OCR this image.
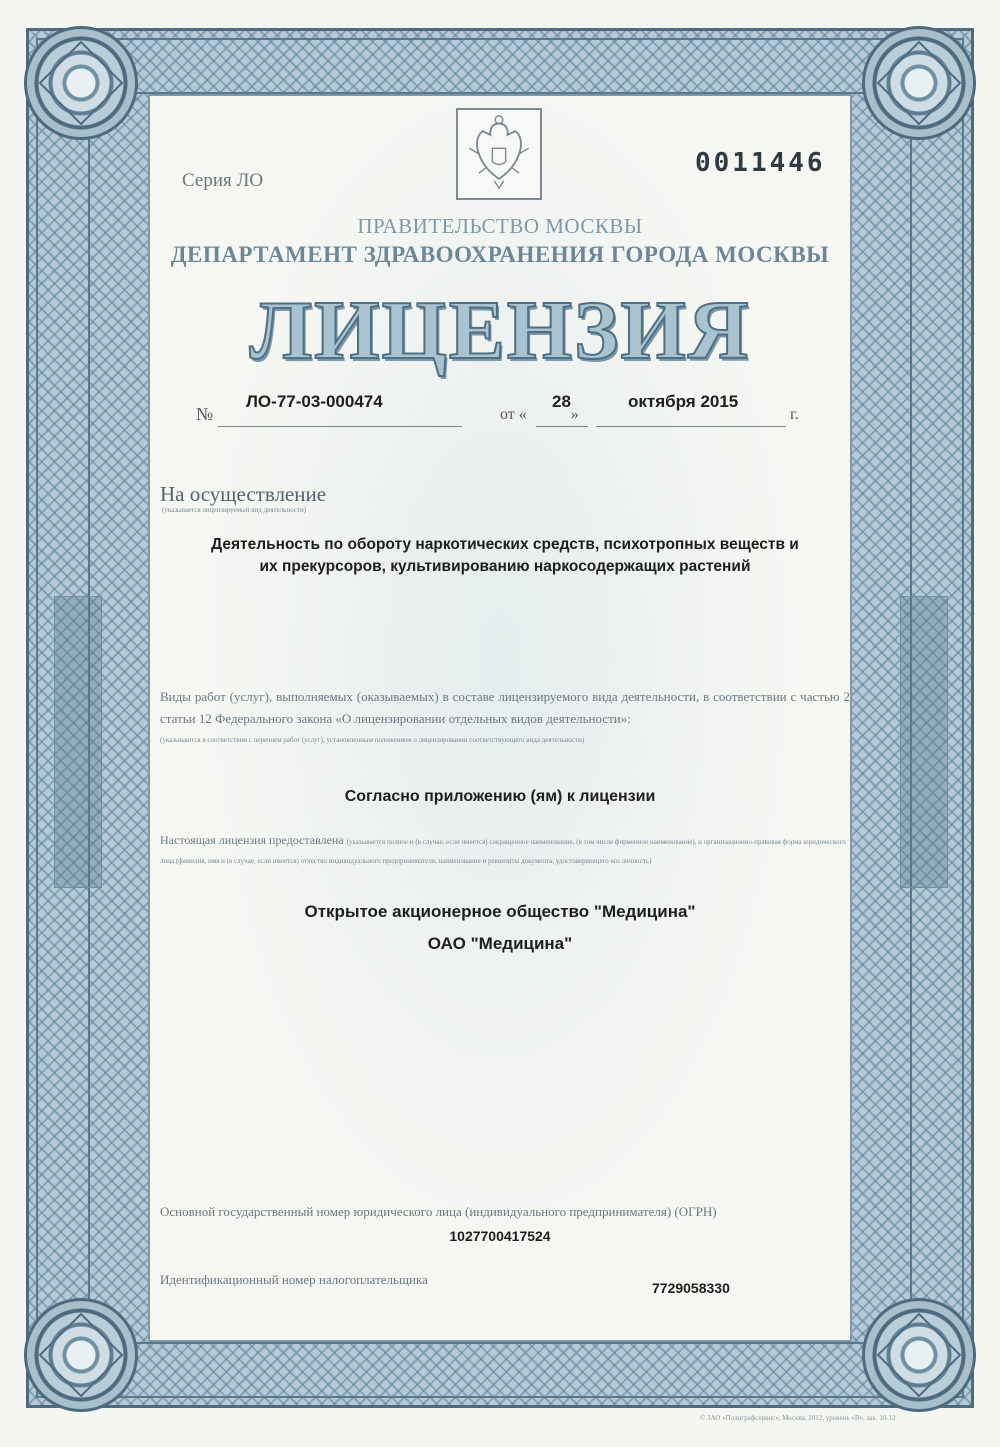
Серия ЛО
0011446
ПРАВИТЕЛЬСТВО МОСКВЫ
ДЕПАРТАМЕНТ ЗДРАВООХРАНЕНИЯ ГОРОДА МОСКВЫ
ЛИЦЕНЗИЯ
№
ЛО-77-03-000474
от «	»
28	октября 2015
г.
На осуществление
(указывается лицензируемый вид деятельности)
Деятельность по обороту наркотических средств, психотропных веществ и
их прекурсоров, культивированию наркосодержащих растений
Виды работ (услуг), выполняемых (оказываемых) в составе лицензируемого вида деятельности, в соответствии с частью 2 статьи 12 Федерального закона «О лицензировании отдельных видов деятельности»:
(указываются в соответствии с перечнем работ (услуг), установленным положением о лицензировании соответствующего вида деятельности)
Согласно приложению (ям) к лицензии
Настоящая лицензия предоставлена (указывается полное и (в случае, если имеется) сокращенное наименование, (в том числе фирменное наименование), и организационно-правовая форма юридического лица (фамилия, имя и (в случае, если имеется) отчество индивидуального предпринимателя, наименование и реквизиты документа, удостоверяющего его личность)
Открытое акционерное общество "Медицина"
ОАО "Медицина"
Основной государственный номер юридического лица (индивидуального предпринимателя) (ОГРН)
1027700417524
Идентификационный номер налогоплательщика
7729058330
© ЗАО «Полиграфсервис», Москва, 2012, уровень «В», зак. 10-12
